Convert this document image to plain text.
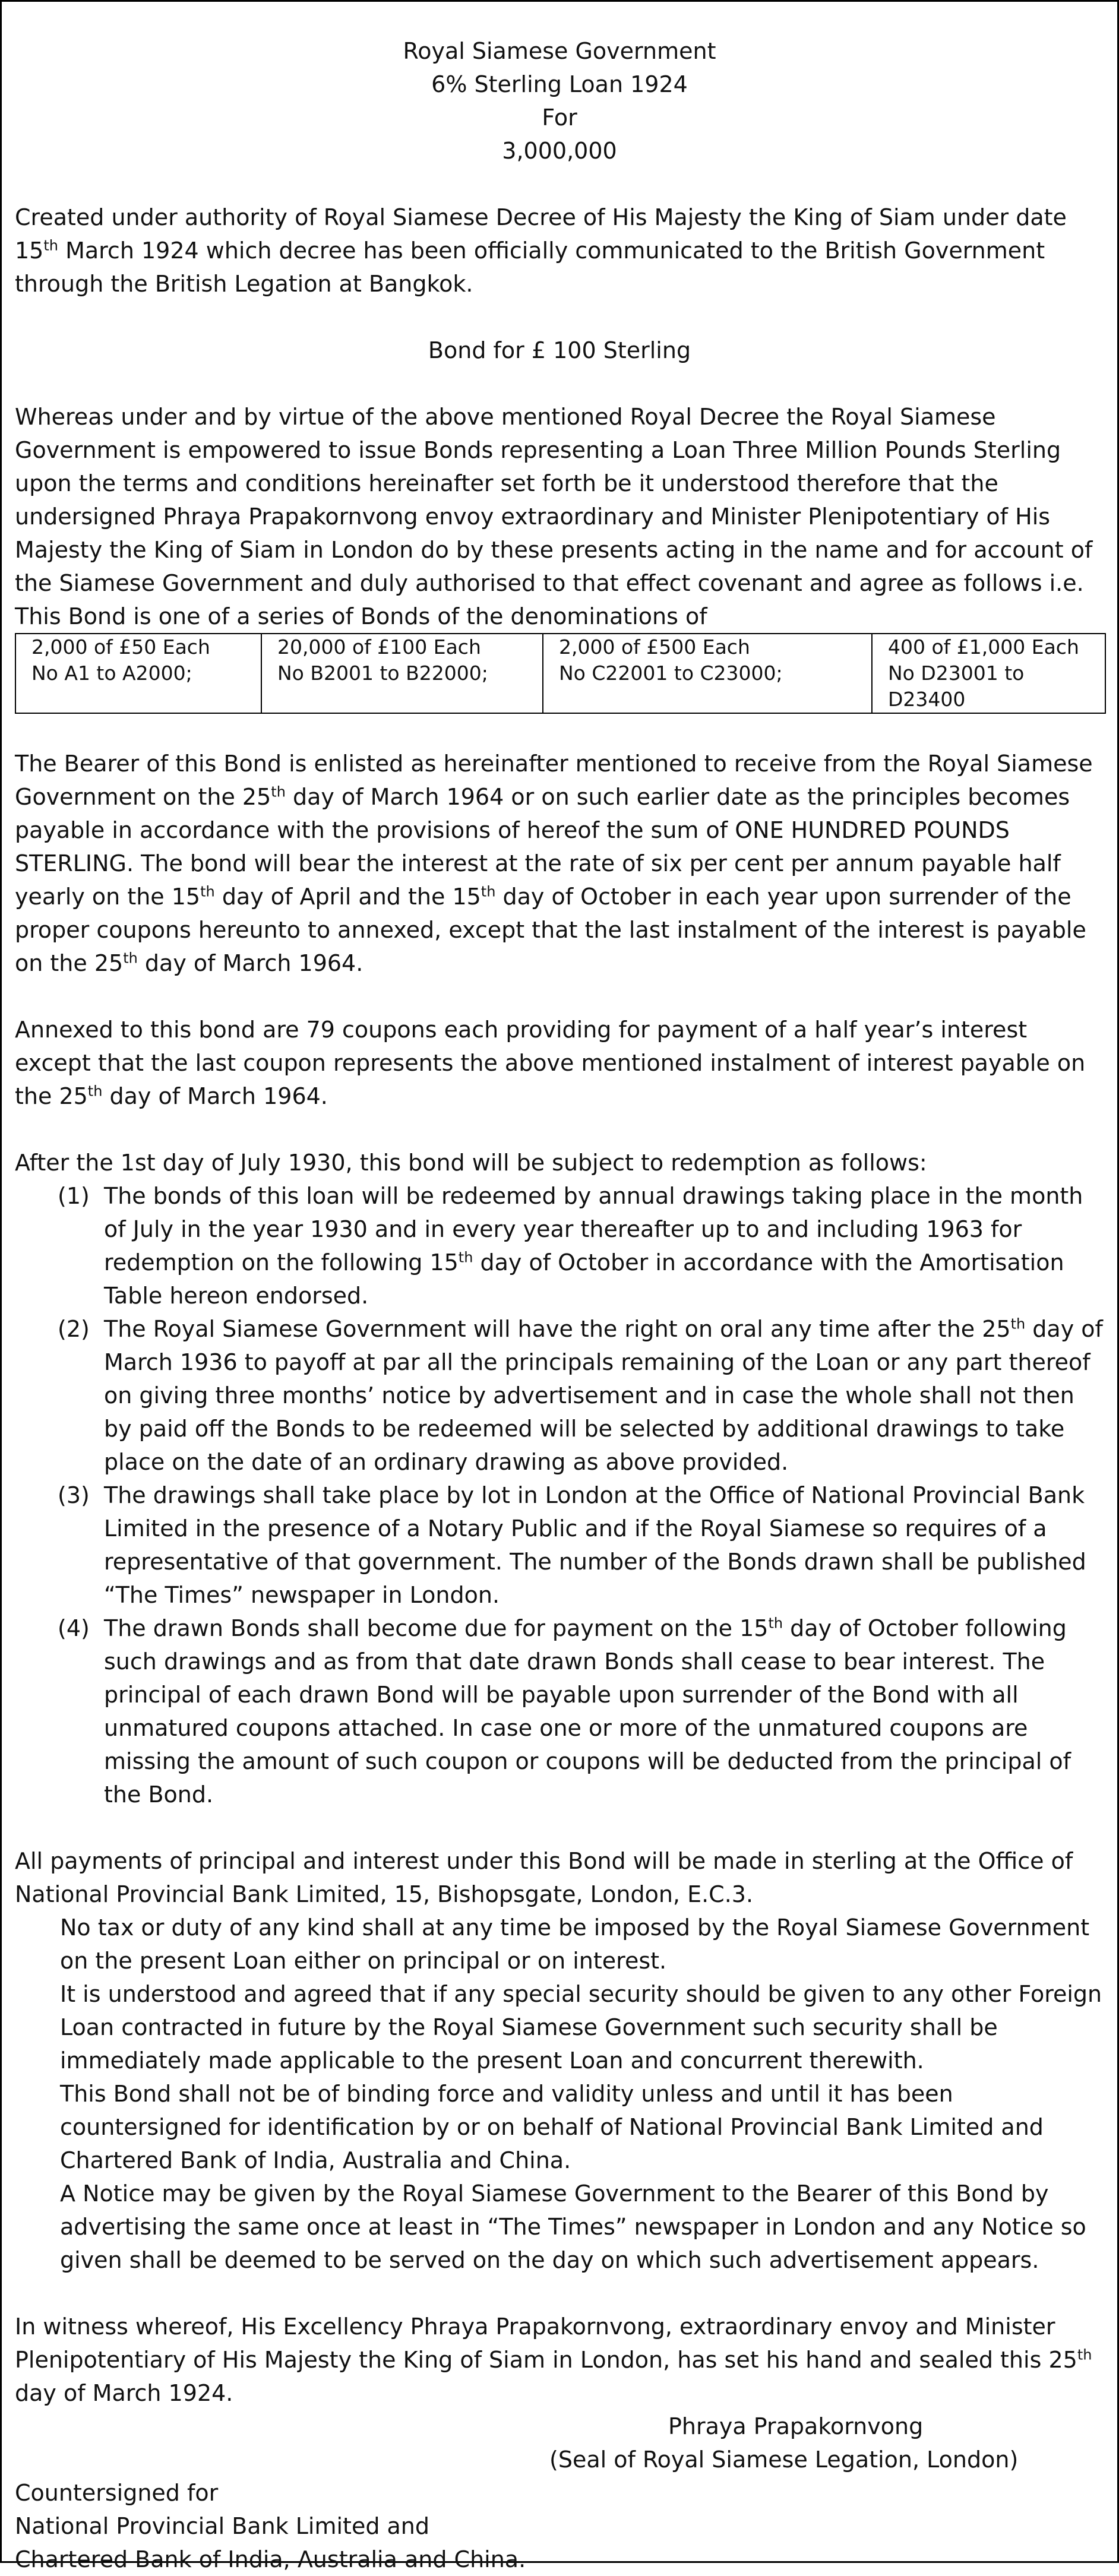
Royal Siamese Government
6% Sterling Loan 1924
For
3,000,000

Created under authority of Royal Siamese Decree of His Majesty the King of Siam under date 15th March 1924 which decree has been officially communicated to the British Government through the British Legation at Bangkok.

Bond for £ 100 Sterling

Whereas under and by virtue of the above mentioned Royal Decree the Royal Siamese Government is empowered to issue Bonds representing a Loan Three Million Pounds Sterling upon the terms and conditions hereinafter set forth be it understood therefore that the undersigned Phraya Prapakornvong envoy extraordinary and Minister Plenipotentiary of His Majesty the King of Siam in London do by these presents acting in the name and for account of the Siamese Government and duly authorised to that effect covenant and agree as follows i.e.

This Bond is one of a series of Bonds of the denominations of

2,000 of £50 Each
No A1 to A2000;

20,000 of £100 Each
No B2001 to B22000;

2,000 of £500 Each
No C22001 to C23000;

400 of £1,000 Each
No D23001 to D23400

The Bearer of this Bond is enlisted as hereinafter mentioned to receive from the Royal Siamese Government on the 25th day of March 1964 or on such earlier date as the principles becomes payable in accordance with the provisions of hereof the sum of ONE HUNDRED POUNDS STERLING. The bond will bear the interest at the rate of six per cent per annum payable half yearly on the 15th day of April and the 15th day of October in each year upon surrender of the proper coupons hereunto to annexed, except that the last instalment of the interest is payable on the 25th day of March 1964.

Annexed to this bond are 79 coupons each providing for payment of a half year’s interest except that the last coupon represents the above mentioned instalment of interest payable on the 25th day of March 1964.

After the 1st day of July 1930, this bond will be subject to redemption as follows:

(1) The bonds of this loan will be redeemed by annual drawings taking place in the month of July in the year 1930 and in every year thereafter up to and including 1963 for redemption on the following 15th day of October in accordance with the Amortisation Table hereon endorsed.
(2) The Royal Siamese Government will have the right on oral any time after the 25th day of March 1936 to payoff at par all the principals remaining of the Loan or any part thereof on giving three months’ notice by advertisement and in case the whole shall not then by paid off the Bonds to be redeemed will be selected by additional drawings to take place on the date of an ordinary drawing as above provided.
(3) The drawings shall take place by lot in London at the Office of National Provincial Bank Limited in the presence of a Notary Public and if the Royal Siamese so requires of a representative of that government. The number of the Bonds drawn shall be published “The Times” newspaper in London.
(4) The drawn Bonds shall become due for payment on the 15th day of October following such drawings and as from that date drawn Bonds shall cease to bear interest. The principal of each drawn Bond will be payable upon surrender of the Bond with all unmatured coupons attached. In case one or more of the unmatured coupons are missing the amount of such coupon or coupons will be deducted from the principal of the Bond.

All payments of principal and interest under this Bond will be made in sterling at the Office of National Provincial Bank Limited, 15, Bishopsgate, London, E.C.3.

No tax or duty of any kind shall at any time be imposed by the Royal Siamese Government on the present Loan either on principal or on interest.

It is understood and agreed that if any special security should be given to any other Foreign Loan contracted in future by the Royal Siamese Government such security shall be immediately made applicable to the present Loan and concurrent therewith.

This Bond shall not be of binding force and validity unless and until it has been countersigned for identification by or on behalf of National Provincial Bank Limited and Chartered Bank of India, Australia and China.

A Notice may be given by the Royal Siamese Government to the Bearer of this Bond by advertising the same once at least in “The Times” newspaper in London and any Notice so given shall be deemed to be served on the day on which such advertisement appears.

In witness whereof, His Excellency Phraya Prapakornvong, extraordinary envoy and Minister Plenipotentiary of His Majesty the King of Siam in London, has set his hand and sealed this 25th day of March 1924.

Phraya Prapakornvong

(Seal of Royal Siamese Legation, London)

Countersigned for

National Provincial Bank Limited and

Chartered Bank of India, Australia and China.
